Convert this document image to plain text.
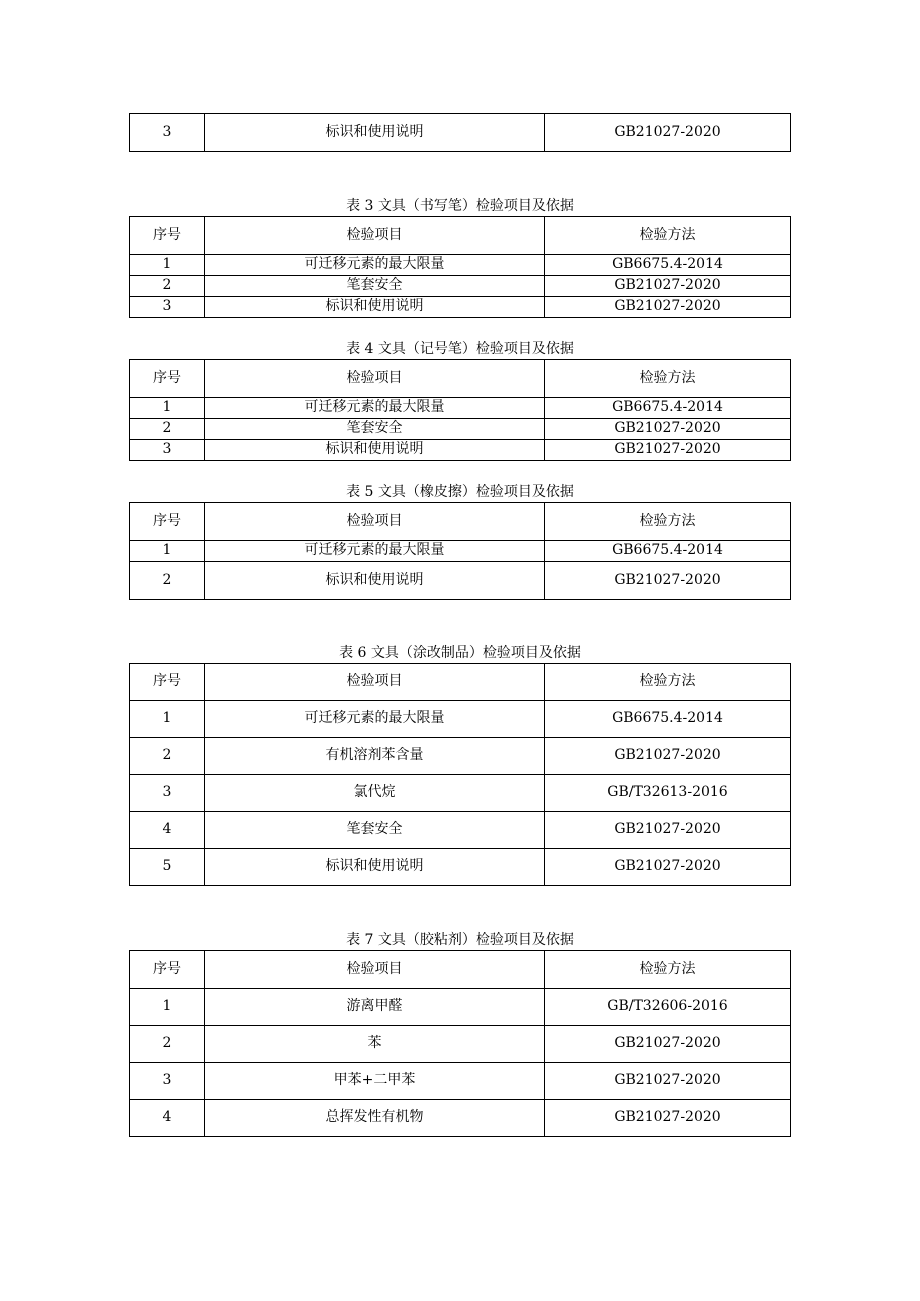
3	标识和使用说明	GB21027-2020
表 3 文具（书写笔）检验项目及依据
序号	检验项目	检验方法
1	可迁移元素的最大限量	GB6675.4-2014
2	笔套安全	GB21027-2020
3	标识和使用说明	GB21027-2020
表 4 文具（记号笔）检验项目及依据
序号	检验项目	检验方法
1	可迁移元素的最大限量	GB6675.4-2014
2	笔套安全	GB21027-2020
3	标识和使用说明	GB21027-2020
表 5 文具（橡皮擦）检验项目及依据
序号	检验项目	检验方法
1	可迁移元素的最大限量	GB6675.4-2014
2	标识和使用说明	GB21027-2020
表 6 文具（涂改制品）检验项目及依据
序号	检验项目	检验方法
1	可迁移元素的最大限量	GB6675.4-2014
2	有机溶剂苯含量	GB21027-2020
3	氯代烷	GB/T32613-2016
4	笔套安全	GB21027-2020
5	标识和使用说明	GB21027-2020
表 7 文具（胶粘剂）检验项目及依据
序号	检验项目	检验方法
1	游离甲醛	GB/T32606-2016
2	苯	GB21027-2020
3	甲苯+二甲苯	GB21027-2020
4	总挥发性有机物	GB21027-2020
